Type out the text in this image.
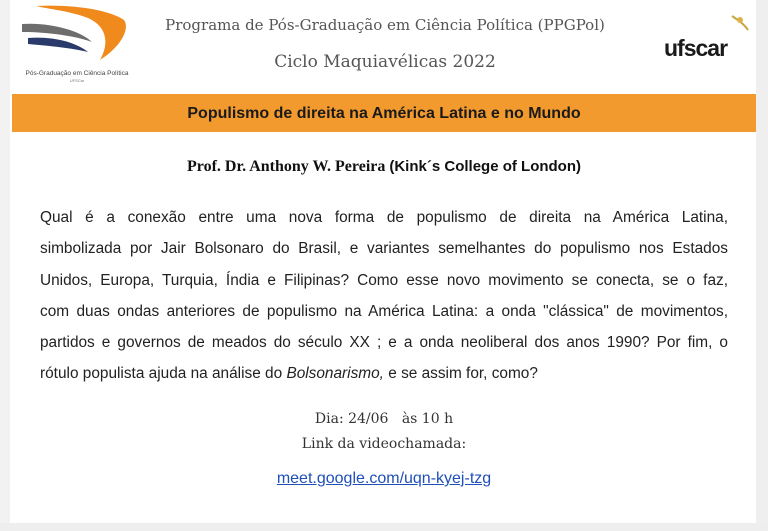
Pós-Graduação em Ciência Política
UFSCar
Programa de Pós-Graduação em Ciência Política (PPGPol)
Ciclo Maquiavélicas 2022
ufscar
Populismo de direita na América Latina e no Mundo
Prof. Dr. Anthony W. Pereira (Kink´s College of London)
Qual é a conexão entre uma nova forma de populismo de direita na América Latina,
simbolizada por Jair Bolsonaro do Brasil, e variantes semelhantes do populismo nos Estados
Unidos, Europa, Turquia, Índia e Filipinas? Como esse novo movimento se conecta, se o faz,
com duas ondas anteriores de populismo na América Latina: a onda "clássica" de movimentos,
partidos e governos de meados do século XX ; e a onda neoliberal dos anos 1990? Por fim, o
rótulo populista ajuda na análise do Bolsonarismo, e se assim for, como?
Dia: 24/06   às 10 h
Link da videochamada:
meet.google.com/uqn-kyej-tzg
